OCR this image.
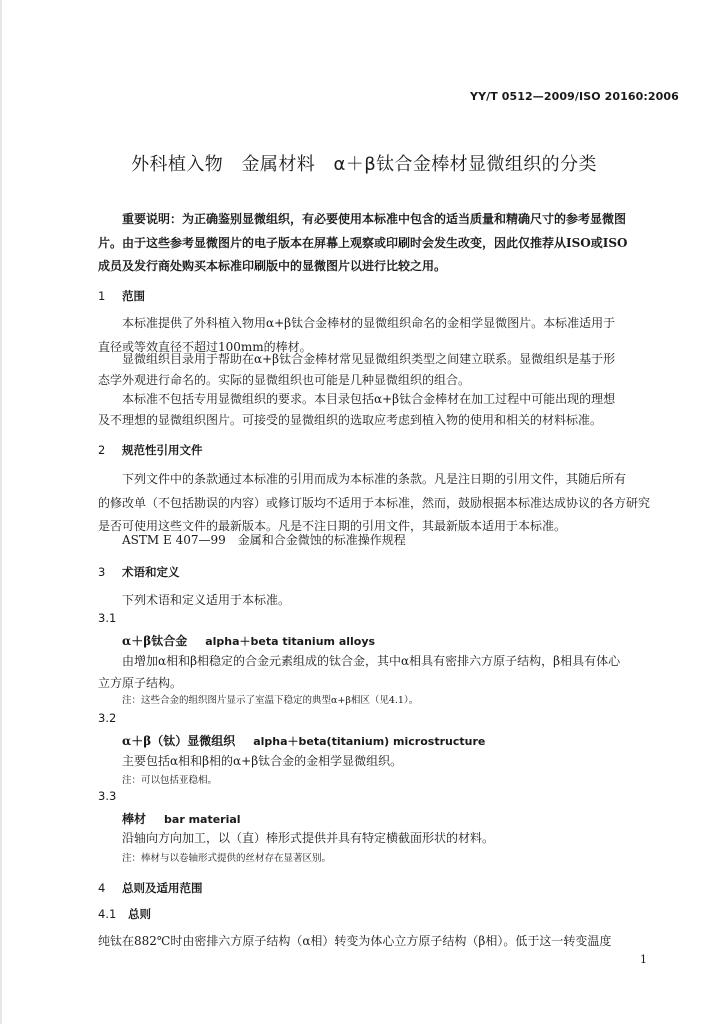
YY/T 0512—2009/ISO 20160:2006
外科植入物　金属材料　α＋β钛合金棒材显微组织的分类
重要说明：为正确鉴别显微组织，有必要使用本标准中包含的适当质量和精确尺寸的参考显微图
片。由于这些参考显微图片的电子版本在屏幕上观察或印刷时会发生改变，因此仅推荐从ISO或ISO
成员及发行商处购买本标准印刷版中的显微图片以进行比较之用。
1 范围
本标准提供了外科植入物用α+β钛合金棒材的显微组织命名的金相学显微图片。本标准适用于
直径或等效直径不超过100mm的棒材。
显微组织目录用于帮助在α+β钛合金棒材常见显微组织类型之间建立联系。显微组织是基于形
态学外观进行命名的。实际的显微组织也可能是几种显微组织的组合。
本标准不包括专用显微组织的要求。本目录包括α+β钛合金棒材在加工过程中可能出现的理想
及不理想的显微组织图片。可接受的显微组织的选取应考虑到植入物的使用和相关的材料标准。
2 规范性引用文件
下列文件中的条款通过本标准的引用而成为本标准的条款。凡是注日期的引用文件，其随后所有
的修改单（不包括勘误的内容）或修订版均不适用于本标准，然而，鼓励根据本标准达成协议的各方研究
是否可使用这些文件的最新版本。凡是不注日期的引用文件，其最新版本适用于本标准。
ASTM E 407—99　金属和合金微蚀的标准操作规程
3 术语和定义
下列术语和定义适用于本标准。
3.1
α＋β钛合金 alpha＋beta titanium alloys
由增加α相和β相稳定的合金元素组成的钛合金，其中α相具有密排六方原子结构，β相具有体心
立方原子结构。
注：这些合金的组织图片显示了室温下稳定的典型α+β相区（见4.1）。
3.2
α＋β（钛）显微组织 alpha＋beta(titanium) microstructure
主要包括α相和β相的α+β钛合金的金相学显微组织。
注：可以包括亚稳相。
3.3
棒材 bar material
沿轴向方向加工，以（直）棒形式提供并具有特定横截面形状的材料。
注：棒材与以卷轴形式提供的丝材存在显著区别。
4 总则及适用范围
4.1 总则
纯钛在882℃时由密排六方原子结构（α相）转变为体心立方原子结构（β相）。低于这一转变温度
1
